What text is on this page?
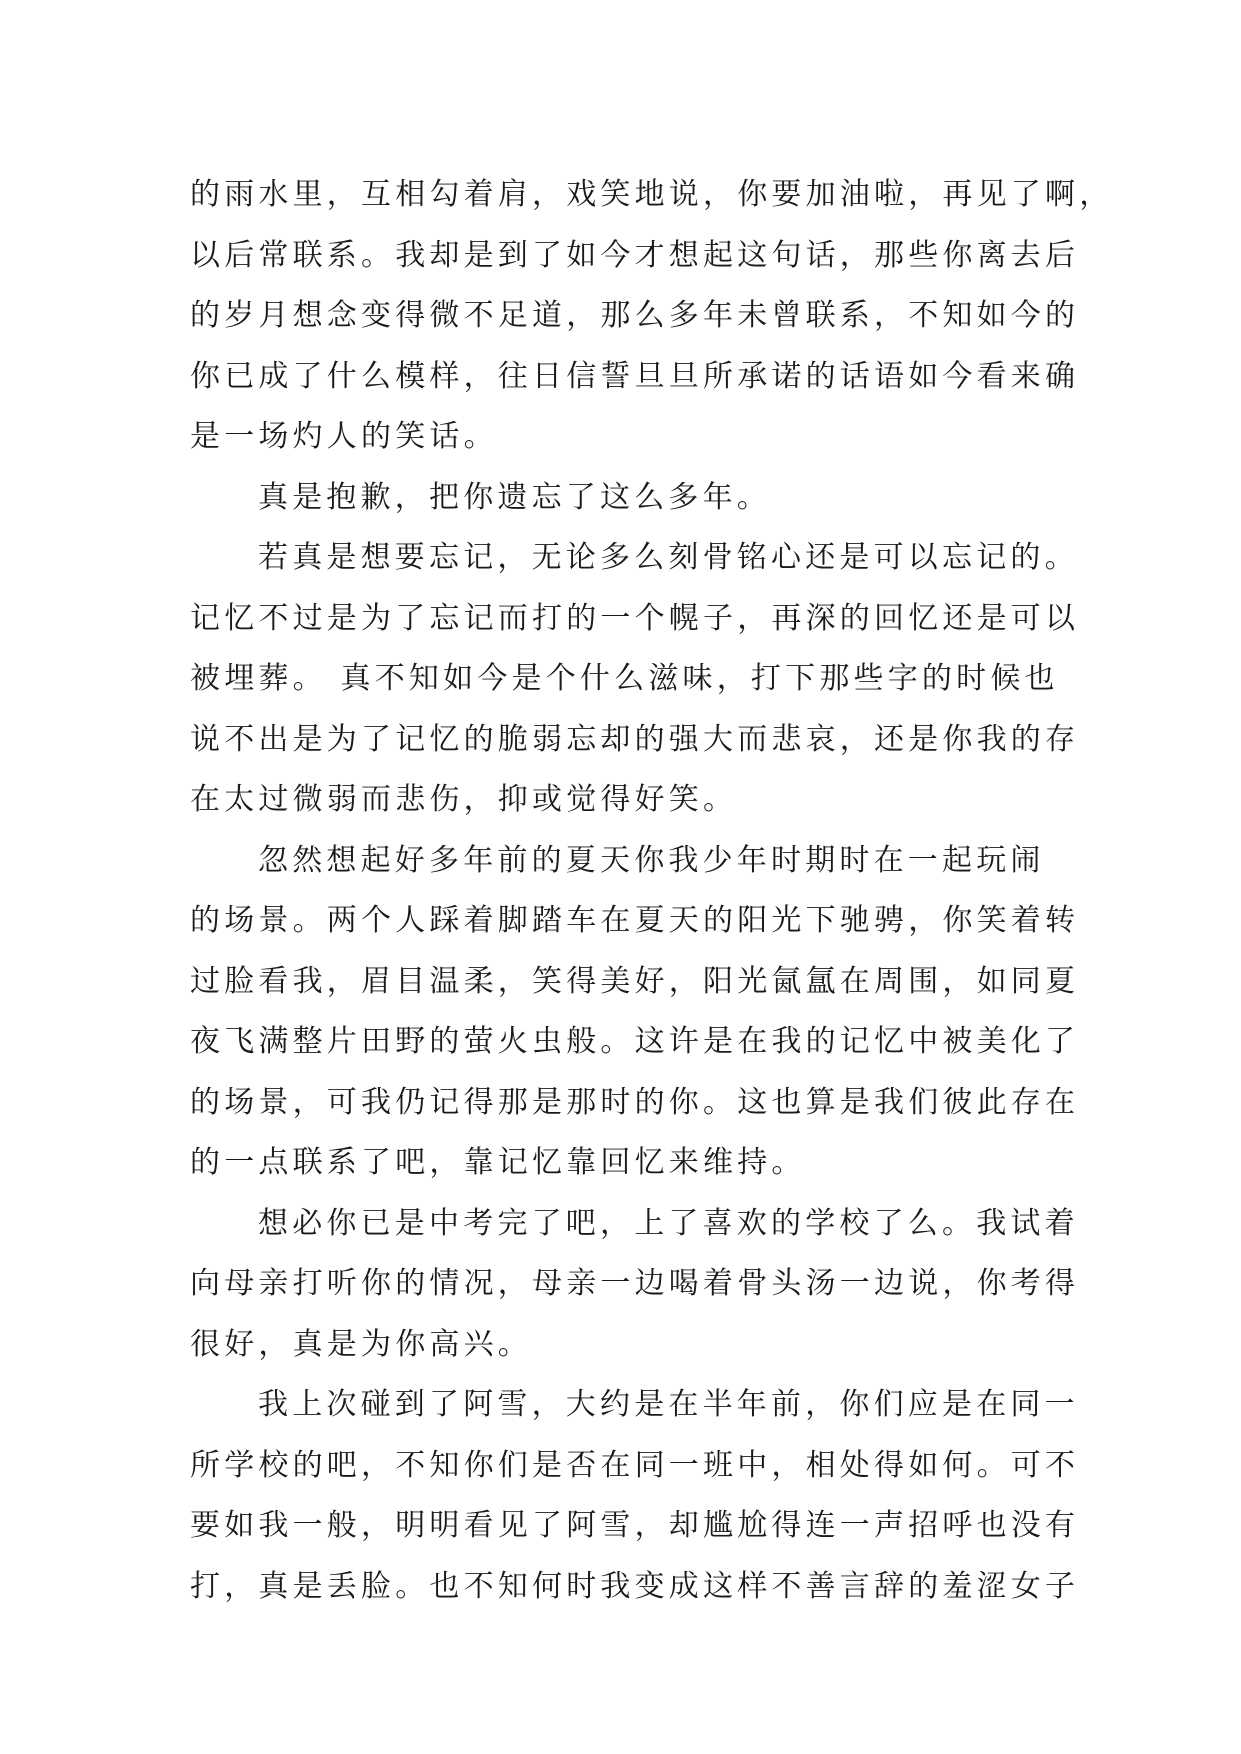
的雨水里，互相勾着肩，戏笑地说，你要加油啦，再见了啊，
以后常联系。我却是到了如今才想起这句话，那些你离去后
的岁月想念变得微不足道，那么多年未曾联系，不知如今的
你已成了什么模样，往日信誓旦旦所承诺的话语如今看来确
是一场灼人的笑话。
真是抱歉，把你遗忘了这么多年。
若真是想要忘记，无论多么刻骨铭心还是可以忘记的。
记忆不过是为了忘记而打的一个幌子，再深的回忆还是可以
被埋葬。 真不知如今是个什么滋味，打下那些字的时候也
说不出是为了记忆的脆弱忘却的强大而悲哀，还是你我的存
在太过微弱而悲伤，抑或觉得好笑。
忽然想起好多年前的夏天你我少年时期时在一起玩闹
的场景。两个人踩着脚踏车在夏天的阳光下驰骋，你笑着转
过脸看我，眉目温柔，笑得美好，阳光氤氲在周围，如同夏
夜飞满整片田野的萤火虫般。这许是在我的记忆中被美化了
的场景，可我仍记得那是那时的你。这也算是我们彼此存在
的一点联系了吧，靠记忆靠回忆来维持。
想必你已是中考完了吧，上了喜欢的学校了么。我试着
向母亲打听你的情况，母亲一边喝着骨头汤一边说，你考得
很好，真是为你高兴。
我上次碰到了阿雪，大约是在半年前，你们应是在同一
所学校的吧，不知你们是否在同一班中，相处得如何。可不
要如我一般，明明看见了阿雪，却尴尬得连一声招呼也没有
打，真是丢脸。也不知何时我变成这样不善言辞的羞涩女子
